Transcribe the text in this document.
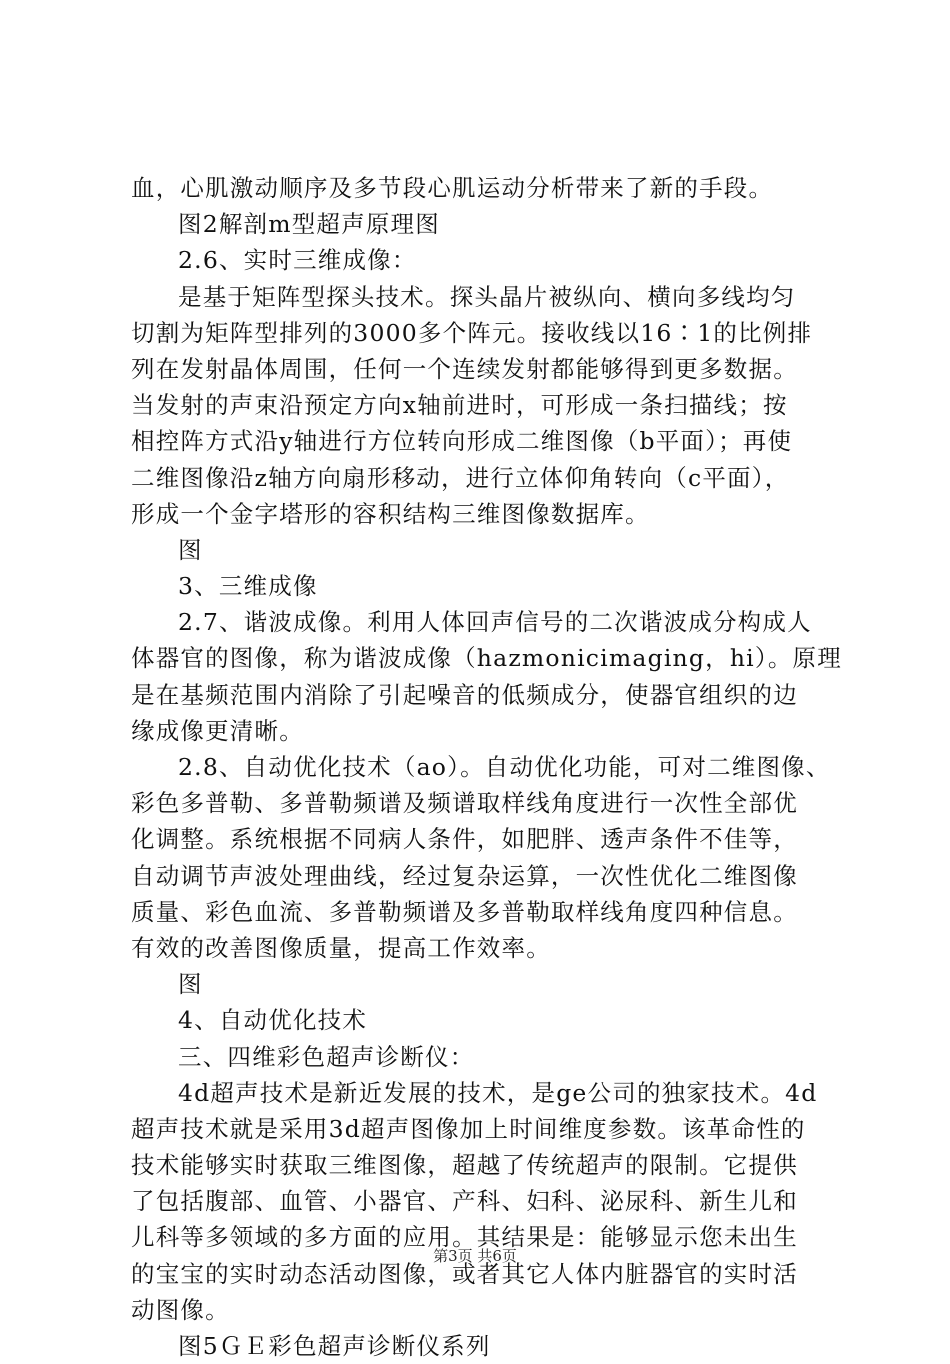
血，心肌激动顺序及多节段心肌运动分析带来了新的手段。
图2解剖m型超声原理图
2.6、实时三维成像：
是基于矩阵型探头技术。探头晶片被纵向、横向多线均匀
切割为矩阵型排列的3000多个阵元。接收线以16∶1的比例排
列在发射晶体周围，任何一个连续发射都能够得到更多数据。
当发射的声束沿预定方向x轴前进时，可形成一条扫描线；按
相控阵方式沿y轴进行方位转向形成二维图像（b平面）；再使
二维图像沿z轴方向扇形移动，进行立体仰角转向（c平面），
形成一个金字塔形的容积结构三维图像数据库。
图
3、三维成像
2.7、谐波成像。利用人体回声信号的二次谐波成分构成人
体器官的图像，称为谐波成像（hazmonicimaging，hi）。原理
是在基频范围内消除了引起噪音的低频成分，使器官组织的边
缘成像更清晰。
2.8、自动优化技术（ao）。自动优化功能，可对二维图像、
彩色多普勒、多普勒频谱及频谱取样线角度进行一次性全部优
化调整。系统根据不同病人条件，如肥胖、透声条件不佳等，
自动调节声波处理曲线，经过复杂运算，一次性优化二维图像
质量、彩色血流、多普勒频谱及多普勒取样线角度四种信息。
有效的改善图像质量，提高工作效率。
图
4、自动优化技术
三、四维彩色超声诊断仪：
4d超声技术是新近发展的技术，是ge公司的独家技术。4d
超声技术就是采用3d超声图像加上时间维度参数。该革命性的
技术能够实时获取三维图像，超越了传统超声的限制。它提供
了包括腹部、血管、小器官、产科、妇科、泌尿科、新生儿和
儿科等多领域的多方面的应用。其结果是：能够显示您未出生
的宝宝的实时动态活动图像，或者其它人体内脏器官的实时活
动图像。
图5ＧＥ彩色超声诊断仪系列
第3页 共6页
